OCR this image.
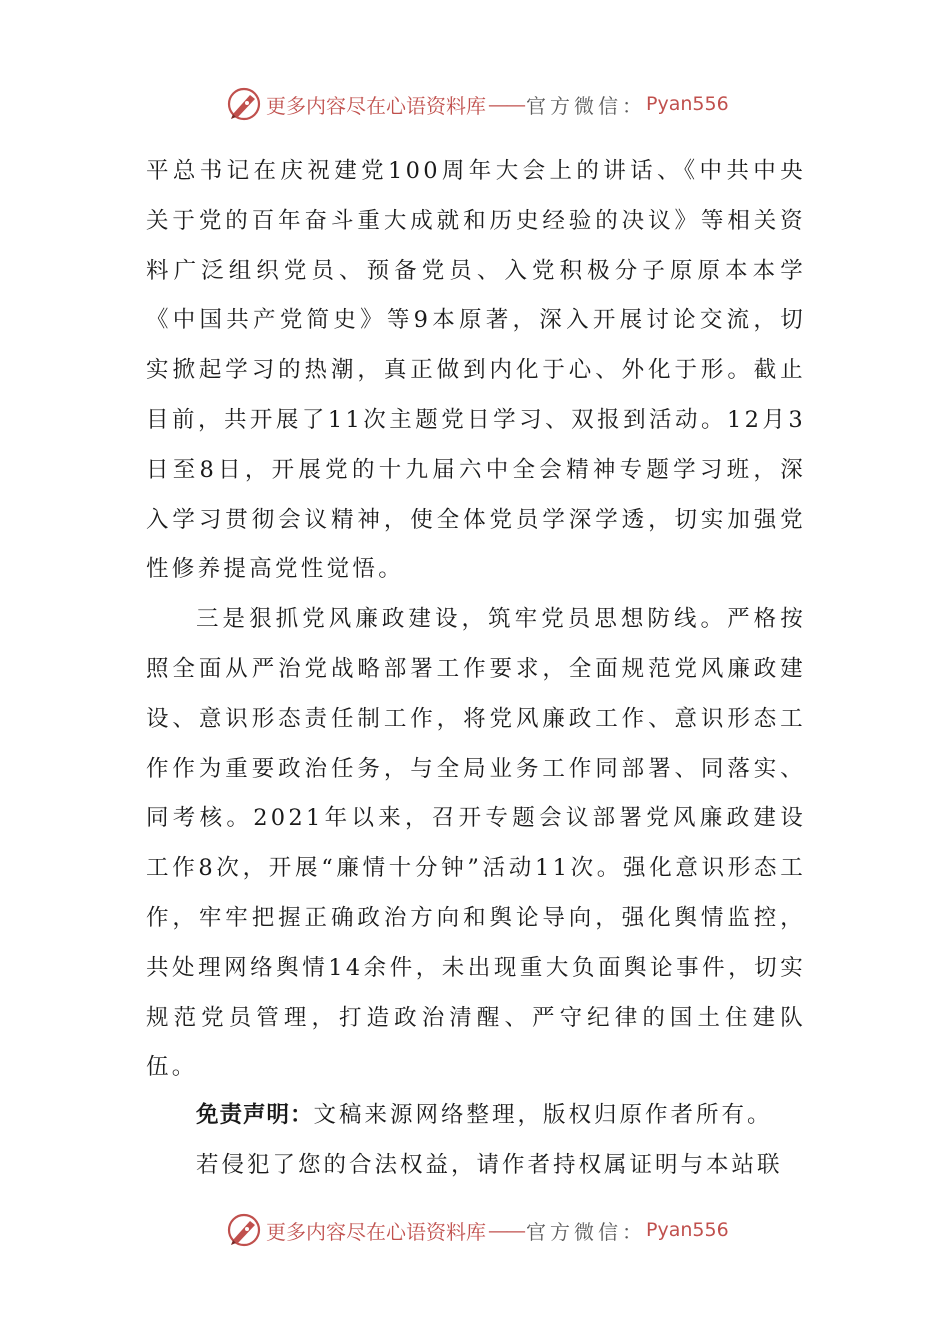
更多内容尽在心语资料库 —— 官方微信： Pyan556

平总书记在庆祝建党100周年大会上的讲话、《中共中央关于党的百年奋斗重大成就和历史经验的决议》等相关资料广泛组织党员、预备党员、入党积极分子原原本本学《中国共产党简史》等9本原著，深入开展讨论交流，切实掀起学习的热潮，真正做到内化于心、外化于形。截止目前，共开展了11次主题党日学习、双报到活动。12月3日至8日，开展党的十九届六中全会精神专题学习班，深入学习贯彻会议精神，使全体党员学深学透，切实加强党性修养提高党性觉悟。

三是狠抓党风廉政建设，筑牢党员思想防线。严格按照全面从严治党战略部署工作要求，全面规范党风廉政建设、意识形态责任制工作，将党风廉政工作、意识形态工作作为重要政治任务，与全局业务工作同部署、同落实、同考核。2021年以来，召开专题会议部署党风廉政建设工作8次，开展“廉情十分钟”活动11次。强化意识形态工作，牢牢把握正确政治方向和舆论导向，强化舆情监控，共处理网络舆情14余件，未出现重大负面舆论事件，切实规范党员管理，打造政治清醒、严守纪律的国土住建队伍。

免责声明：文稿来源网络整理，版权归原作者所有。
若侵犯了您的合法权益，请作者持权属证明与本站联
更多内容尽在心语资料库 —— 官方微信： Pyan556
